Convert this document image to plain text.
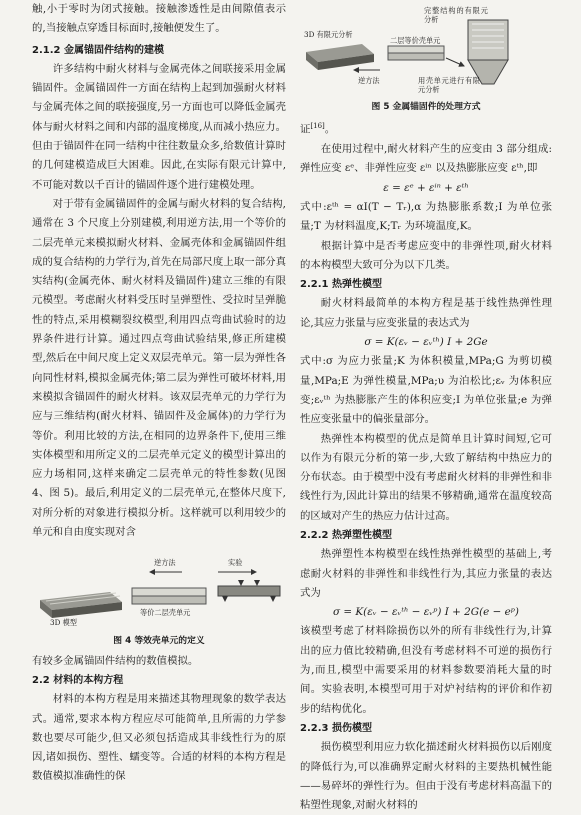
触,小于零时为闭式接触。接触渗透性是由间隙值表示的,当接触点穿透目标面时,接触便发生了。

2.1.2 金属锚固件结构的建模

许多结构中耐火材料与金属壳体之间联接采用金属锚固件。金属锚固件一方面在结构上起到加强耐火材料与金属壳体之间的联接强度,另一方面也可以降低金属壳体与耐火材料之间和内部的温度梯度,从而减小热应力。但由于锚固件在同一结构中往往数量众多,给数值计算时的几何建模造成巨大困难。因此,在实际有限元计算中,不可能对数以千百计的锚固件逐个进行建模处理。

对于带有金属锚固件的金属与耐火材料的复合结构,通常在 3 个尺度上分别建模,利用逆方法,用一个等价的二层壳单元来模拟耐火材料、金属壳体和金属锚固件组成的复合结构的力学行为,首先在局部尺度上取一部分真实结构(金属壳体、耐火材料及锚固件)建立三维的有限元模型。考虑耐火材料受压时呈弹塑性、受拉时呈弹脆性的特点,采用模糊裂纹模型,利用四点弯曲试验时的边界条件进行计算。通过四点弯曲试验结果,修正所建模型,然后在中间尺度上定义双层壳单元。第一层为弹性各向同性材料,模拟金属壳体;第二层为弹性可破坏材料,用来模拟含锚固件的耐火材料。该双层壳单元的力学行为应与三维结构(耐火材料、锚固件及金属体)的力学行为等价。利用比较的方法,在相同的边界条件下,使用三维实体模型和用所定义的二层壳单元定义的模型计算出的应力场相同,这样来确定二层壳单元的特性参数(见图 4、图 5)。最后,利用定义的二层壳单元,在整体尺度下,对所分析的对象进行模拟分析。这样就可以利用较少的单元和自由度实现对含

逆方法	实验
3D 模型
等价二层壳单元

图 4 等效壳单元的定义

有较多金属锚固件结构的数值模拟。

2.2 材料的本构方程

材料的本构方程是用来描述其物理现象的数学表达式。通常,要求本构方程应尽可能简单,且所需的力学参数也要尽可能少,但又必须包括造成其非线性行为的原因,诸如损伤、塑性、蠕变等。合适的材料的本构方程是数值模拟准确性的保

3D 有限元分析
完整结构的有限元分析
二层等价壳单元
逆方法	用壳单元进行有限元分析

图 5 金属锚固件的处理方式

证[16]。

在使用过程中,耐火材料产生的应变由 3 部分组成:弹性应变 εᵉ、非弹性应变 εⁱⁿ 以及热膨胀应变 εᵗʰ,即

ε = εᵉ + εⁱⁿ + εᵗʰ

式中:εᵗʰ = αI(T − Tᵣ),α 为热膨胀系数;I 为单位张量;T 为材料温度,K;Tᵣ 为环境温度,K。

根据计算中是否考虑应变中的非弹性项,耐火材料的本构模型大致可分为以下几类。

2.2.1 热弹性模型

耐火材料最简单的本构方程是基于线性热弹性理论,其应力张量与应变张量的表达式为

σ = K(εᵥ − εᵥᵗʰ) I + 2Ge

式中:σ 为应力张量;K 为体积模量,MPa;G 为剪切模量,MPa;E 为弹性模量,MPa;υ 为泊松比;εᵥ 为体积应变;εᵥᵗʰ 为热膨胀产生的体积应变;I 为单位张量;e 为弹性应变张量中的偏张量部分。

热弹性本构模型的优点是简单且计算时间短,它可以作为有限元分析的第一步,大致了解结构中热应力的分布状态。由于模型中没有考虑耐火材料的非弹性和非线性行为,因此计算出的结果不够精确,通常在温度较高的区域对产生的热应力估计过高。

2.2.2 热弹塑性模型

热弹塑性本构模型在线性热弹性模型的基础上,考虑耐火材料的非弹性和非线性行为,其应力张量的表达式为

σ = K(εᵥ − εᵥᵗʰ − εᵥᵖ) I + 2G(e − eᵖ)

该模型考虑了材料除损伤以外的所有非线性行为,计算出的应力值比较精确,但没有考虑材料不可逆的损伤行为,而且,模型中需要采用的材料参数要消耗大量的时间。实验表明,本模型可用于对炉衬结构的评价和作初步的结构优化。

2.2.3 损伤模型

损伤模型利用应力软化描述耐火材料损伤以后刚度的降低行为,可以准确界定耐火材料的主要热机械性能——易碎坏的弹性行为。但由于没有考虑材料高温下的粘塑性现象,对耐火材料的
